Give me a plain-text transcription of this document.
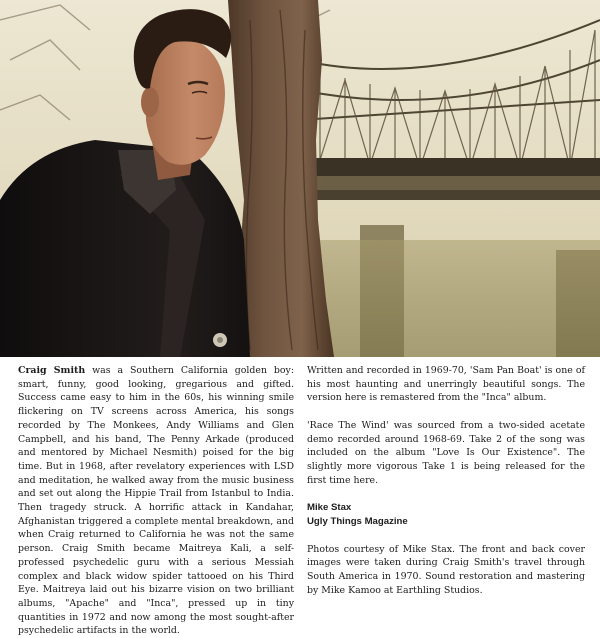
Craig Smith was a Southern California golden boy: smart, funny, good looking, gregarious and gifted. Success came easy to him in the 60s, his winning smile flickering on TV screens across America, his songs recorded by The Monkees, Andy Williams and Glen Campbell, and his band, The Penny Arkade (produced and mentored by Michael Nesmith) poised for the big time. But in 1968, after revelatory experiences with LSD and meditation, he walked away from the music business and set out along the Hippie Trail from Istanbul to India. Then tragedy struck. A horrific attack in Kandahar, Afghanistan triggered a complete mental breakdown, and when Craig returned to California he was not the same person. Craig Smith became Maitreya Kali, a self-professed psychedelic guru with a serious Messiah complex and black widow spider tattooed on his Third Eye. Maitreya laid out his bizarre vision on two brilliant albums, "Apache" and "Inca", pressed up in tiny quantities in 1972 and now among the most sought-after psychedelic artifacts in the world.

Written and recorded in 1969-70, 'Sam Pan Boat' is one of his most haunting and unerringly beautiful songs. The version here is remastered from the "Inca" album.

'Race The Wind' was sourced from a two-sided acetate demo recorded around 1968-69. Take 2 of the song was included on the album "Love Is Our Existence". The slightly more vigorous Take 1 is being released for the first time here.

Mike Stax
Ugly Things Magazine

Photos courtesy of Mike Stax. The front and back cover images were taken during Craig Smith's travel through South America in 1970. Sound restoration and mastering by Mike Kamoo at Earthling Studios.
